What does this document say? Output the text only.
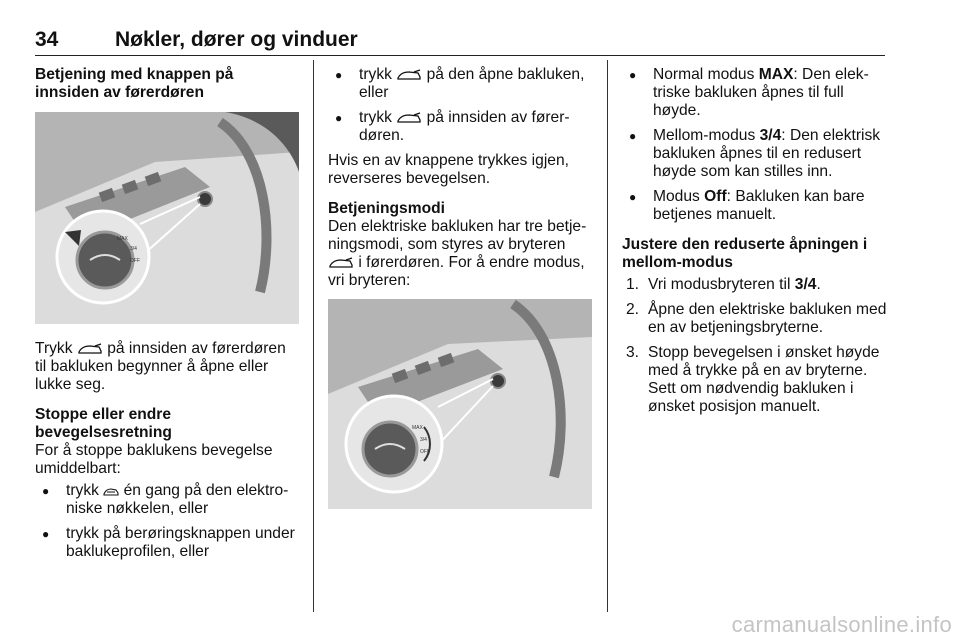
34	Nøkler, dører og vinduer
Betjening med knappen på innsiden av førerdøren
MAX
3/4
OFF

Trykk på innsiden av førerdøren til bakluken begynner å åpne eller lukke seg.

Stoppe eller endre bevegelsesretning

For å stoppe baklukens bevegelse umiddelbart:

● trykk én gang på den elektro-niske nøkkelen, eller
● trykk på berøringsknappen under baklukeprofilen, eller
● trykk på den åpne bakluken, eller
● trykk på innsiden av fører-døren.

Hvis en av knappene trykkes igjen, reverseres bevegelsen.

Betjeningsmodi

Den elektriske bakluken har tre betje-ningsmodi, som styres av bryteren  i førerdøren. For å endre modus, vri bryteren:

MAX
3/4
OFF
● Normal modus MAX: Den elek-triske bakluken åpnes til full høyde.
● Mellom-modus 3/4: Den elektrisk bakluken åpnes til en redusert høyde som kan stilles inn.
● Modus Off: Bakluken kan bare betjenes manuelt.
Justere den reduserte åpningen i mellom-modus
1. Vri modusbryteren til 3/4.
2. Åpne den elektriske bakluken med en av betjeningsbryterne.
3. Stopp bevegelsen i ønsket høyde med å trykke på en av bryterne. Sett om nødvendig bakluken i ønsket posisjon manuelt.
carmanualsonline.info
